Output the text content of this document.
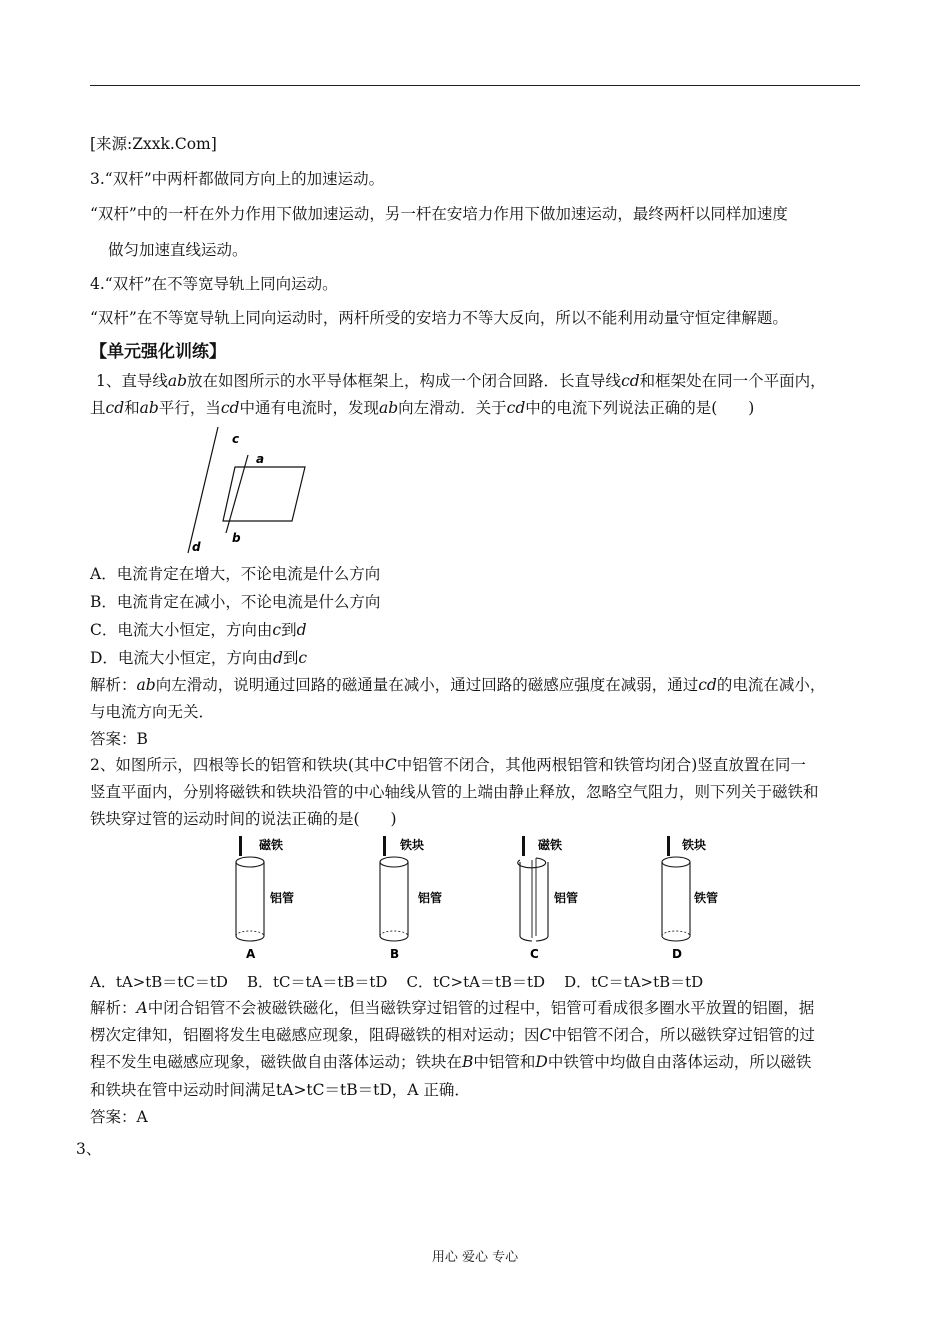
[来源:Zxxk.Com]
3.“双杆”中两杆都做同方向上的加速运动。
“双杆”中的一杆在外力作用下做加速运动，另一杆在安培力作用下做加速运动，最终两杆以同样加速度
做匀加速直线运动。
4.“双杆”在不等宽导轨上同向运动。
“双杆”在不等宽导轨上同向运动时，两杆所受的安培力不等大反向，所以不能利用动量守恒定律解题。
【单元强化训练】
1、直导线ab放在如图所示的水平导体框架上，构成一个闭合回路．长直导线cd和框架处在同一个平面内，
且cd和ab平行，当cd中通有电流时，发现ab向左滑动．关于cd中的电流下列说法正确的是(　　)
c
a
b
d
A．电流肯定在增大，不论电流是什么方向
B．电流肯定在减小，不论电流是什么方向
C．电流大小恒定，方向由c到d
D．电流大小恒定，方向由d到c
解析：ab向左滑动，说明通过回路的磁通量在减小，通过回路的磁感应强度在减弱，通过cd的电流在减小，
与电流方向无关．
答案：B
2、如图所示，四根等长的铝管和铁块(其中C中铝管不闭合，其他两根铝管和铁管均闭合)竖直放置在同一
竖直平面内，分别将磁铁和铁块沿管的中心轴线从管的上端由静止释放，忽略空气阻力，则下列关于磁铁和
铁块穿过管的运动时间的说法正确的是(　　)
磁铁
铝管
A
铁块
铝管
B
磁铁
铝管
C
铁块
铁管
D
A．tA>tB＝tC＝tD B．tC＝tA＝tB＝tD C．tC>tA＝tB＝tD D．tC＝tA>tB＝tD
解析：A中闭合铝管不会被磁铁磁化，但当磁铁穿过铝管的过程中，铝管可看成很多圈水平放置的铝圈，据
楞次定律知，铝圈将发生电磁感应现象，阻碍磁铁的相对运动；因C中铝管不闭合，所以磁铁穿过铝管的过
程不发生电磁感应现象，磁铁做自由落体运动；铁块在B中铝管和D中铁管中均做自由落体运动，所以磁铁
和铁块在管中运动时间满足tA>tC＝tB＝tD，A 正确．
答案：A
3、
用心 爱心 专心
